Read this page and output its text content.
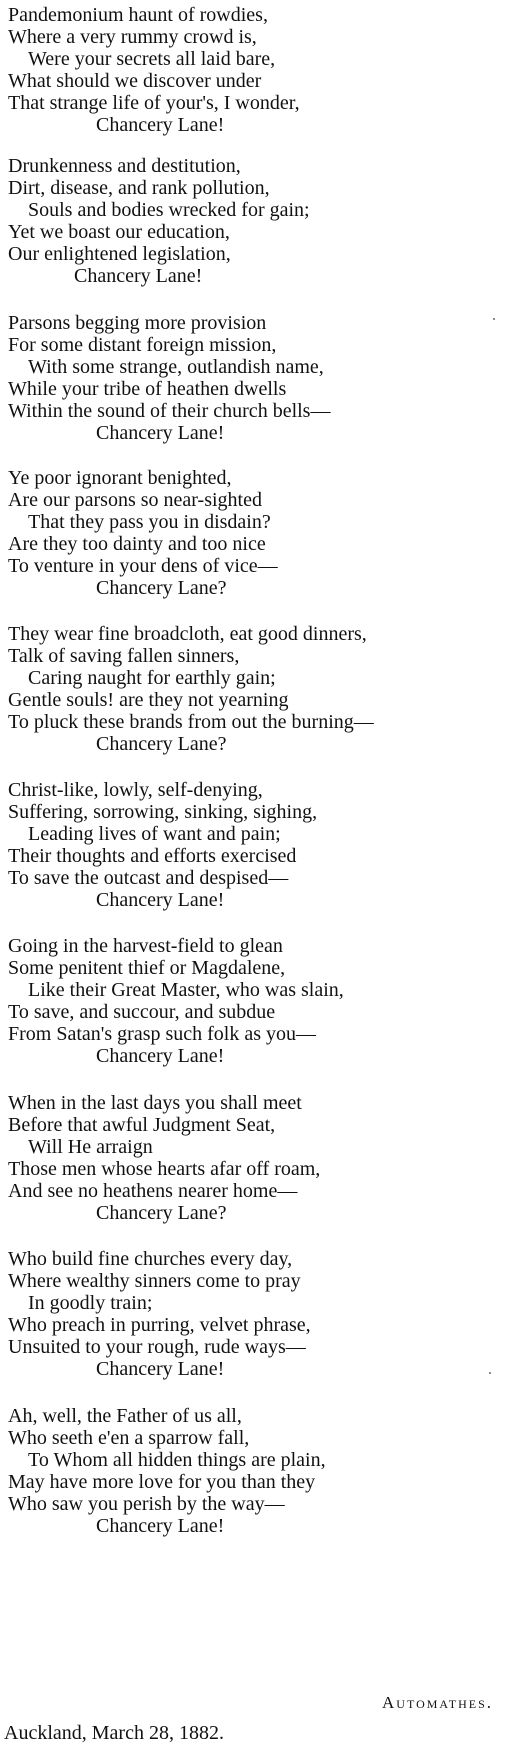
Pandemonium haunt of rowdies,
Where a very rummy crowd is,
Were your secrets all laid bare,
What should we discover under
That strange life of your's, I wonder,
Chancery Lane!
Drunkenness and destitution,
Dirt, disease, and rank pollution,
Souls and bodies wrecked for gain;
Yet we boast our education,
Our enlightened legislation,
Chancery Lane!
Parsons begging more provision
For some distant foreign mission,
With some strange, outlandish name,
While your tribe of heathen dwells
Within the sound of their church bells—
Chancery Lane!
Ye poor ignorant benighted,
Are our parsons so near-sighted
That they pass you in disdain?
Are they too dainty and too nice
To venture in your dens of vice—
Chancery Lane?
They wear fine broadcloth, eat good dinners,
Talk of saving fallen sinners,
Caring naught for earthly gain;
Gentle souls! are they not yearning
To pluck these brands from out the burning—
Chancery Lane?
Christ-like, lowly, self-denying,
Suffering, sorrowing, sinking, sighing,
Leading lives of want and pain;
Their thoughts and efforts exercised
To save the outcast and despised—
Chancery Lane!
Going in the harvest-field to glean
Some penitent thief or Magdalene,
Like their Great Master, who was slain,
To save, and succour, and subdue
From Satan's grasp such folk as you—
Chancery Lane!
When in the last days you shall meet
Before that awful Judgment Seat,
Will He arraign
Those men whose hearts afar off roam,
And see no heathens nearer home—
Chancery Lane?
Who build fine churches every day,
Where wealthy sinners come to pray
In goodly train;
Who preach in purring, velvet phrase,
Unsuited to your rough, rude ways—
Chancery Lane!
Ah, well, the Father of us all,
Who seeth e'en a sparrow fall,
To Whom all hidden things are plain,
May have more love for you than they
Who saw you perish by the way—
Chancery Lane!
Automathes.
Auckland, March 28, 1882.
